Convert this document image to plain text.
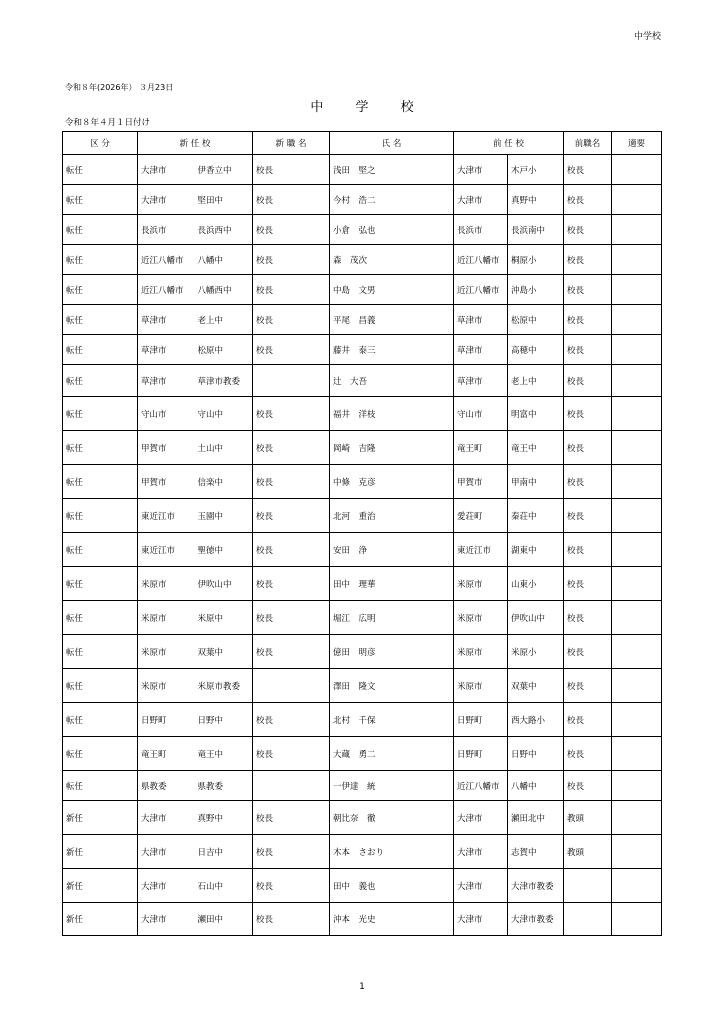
中学校
令和８年(2026年） ３月23日
中 学 校
令和８年４月１日付け
区 分	新 任 校		新 職 名	氏 名	前 任 校		前職名	適要
転任	大津市	伊香立中	校長	浅田　堅之	大津市	木戸小	校長	
転任	大津市	堅田中	校長	今村　浩二	大津市	真野中	校長	
転任	長浜市	長浜西中	校長	小倉　弘也	長浜市	長浜南中	校長	
転任	近江八幡市	八幡中	校長	森　茂次	近江八幡市	桐原小	校長	
転任	近江八幡市	八幡西中	校長	中島　文男	近江八幡市	沖島小	校長	
転任	草津市	老上中	校長	平尾　昌義	草津市	松原中	校長	
転任	草津市	松原中	校長	藤井　泰三	草津市	高穂中	校長	
転任	草津市	草津市教委		辻　大吾	草津市	老上中	校長	
転任	守山市	守山中	校長	福井　洋枝	守山市	明富中	校長	
転任	甲賀市	土山中	校長	岡崎　吉隆	竜王町	竜王中	校長	
転任	甲賀市	信楽中	校長	中條　克彦	甲賀市	甲南中	校長	
転任	東近江市	玉園中	校長	北河　重治	愛荘町	秦荘中	校長	
転任	東近江市	聖徳中	校長	安田　浄	東近江市	湖東中	校長	
転任	米原市	伊吹山中	校長	田中　理華	米原市	山東小	校長	
転任	米原市	米原中	校長	堀江　広明	米原市	伊吹山中	校長	
転任	米原市	双葉中	校長	億田　明彦	米原市	米原小	校長	
転任	米原市	米原市教委		澤田　隆文	米原市	双葉中	校長	
転任	日野町	日野中	校長	北村　千保	日野町	西大路小	校長	
転任	竜王町	竜王中	校長	大蔵　勇二	日野町	日野中	校長	
転任	県教委	県教委		一伊達　統	近江八幡市	八幡中	校長	
新任	大津市	真野中	校長	朝比奈　徹	大津市	瀬田北中	教頭	
新任	大津市	日吉中	校長	木本　さおり	大津市	志賀中	教頭	
新任	大津市	石山中	校長	田中　義也	大津市	大津市教委		
新任	大津市	瀬田中	校長	沖本　光史	大津市	大津市教委		
1
